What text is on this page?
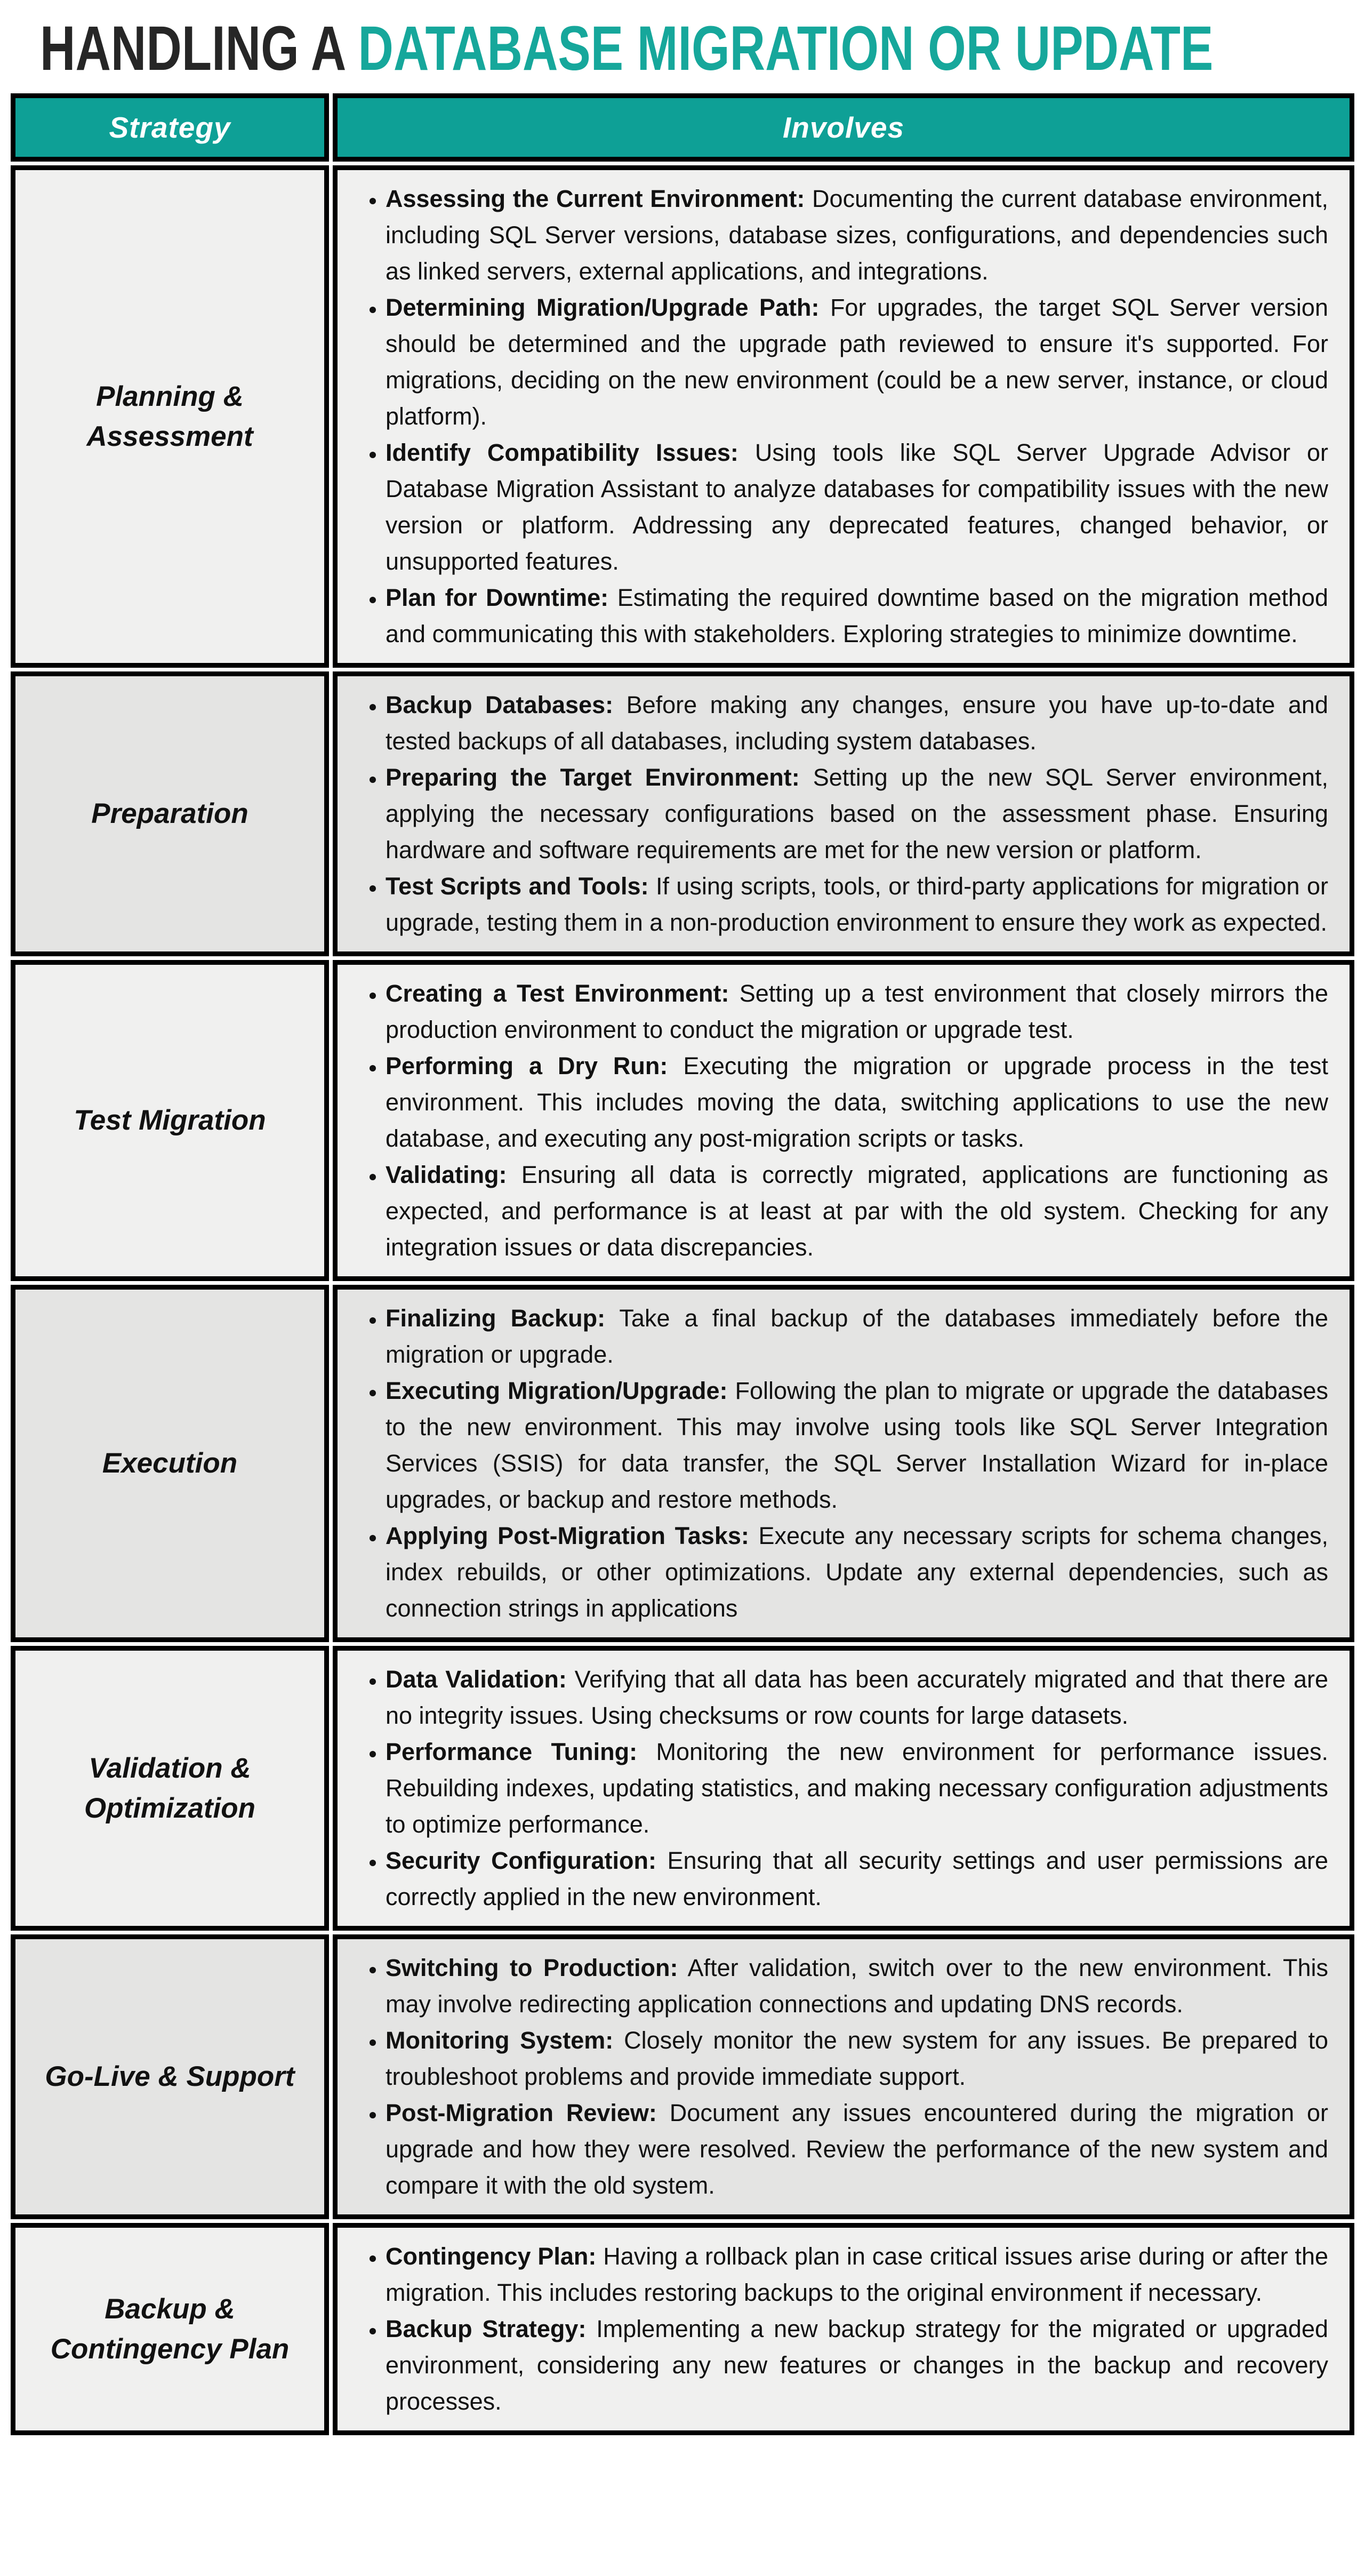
HANDLING A DATABASE MIGRATION OR UPDATE
Strategy	Involves
Planning & Assessment	
• Assessing the Current Environment: Documenting the current database environment, including SQL Server versions, database sizes, configurations, and dependencies such as linked servers, external applications, and integrations.
• Determining Migration/Upgrade Path: For upgrades, the target SQL Server version should be determined and the upgrade path reviewed to ensure it's supported. For migrations, deciding on the new environment (could be a new server, instance, or cloud platform).
• Identify Compatibility Issues: Using tools like SQL Server Upgrade Advisor or Database Migration Assistant to analyze databases for compatibility issues with the new version or platform. Addressing any deprecated features, changed behavior, or unsupported features.
• Plan for Downtime: Estimating the required downtime based on the migration method and communicating this with stakeholders. Exploring strategies to minimize downtime.

Preparation	
• Backup Databases: Before making any changes, ensure you have up-to-date and tested backups of all databases, including system databases.
• Preparing the Target Environment: Setting up the new SQL Server environment, applying the necessary configurations based on the assessment phase. Ensuring hardware and software requirements are met for the new version or platform.
• Test Scripts and Tools: If using scripts, tools, or third-party applications for migration or upgrade, testing them in a non-production environment to ensure they work as expected.

Test Migration	
• Creating a Test Environment: Setting up a test environment that closely mirrors the production environment to conduct the migration or upgrade test.
• Performing a Dry Run: Executing the migration or upgrade process in the test environment. This includes moving the data, switching applications to use the new database, and executing any post-migration scripts or tasks.
• Validating: Ensuring all data is correctly migrated, applications are functioning as expected, and performance is at least at par with the old system. Checking for any integration issues or data discrepancies.

Execution	
• Finalizing Backup: Take a final backup of the databases immediately before the migration or upgrade.
• Executing Migration/Upgrade: Following the plan to migrate or upgrade the databases to the new environment. This may involve using tools like SQL Server Integration Services (SSIS) for data transfer, the SQL Server Installation Wizard for in-place upgrades, or backup and restore methods.
• Applying Post-Migration Tasks: Execute any necessary scripts for schema changes, index rebuilds, or other optimizations. Update any external dependencies, such as connection strings in applications

Validation & Optimization	
• Data Validation: Verifying that all data has been accurately migrated and that there are no integrity issues. Using checksums or row counts for large datasets.
• Performance Tuning: Monitoring the new environment for performance issues. Rebuilding indexes, updating statistics, and making necessary configuration adjustments to optimize performance.
• Security Configuration: Ensuring that all security settings and user permissions are correctly applied in the new environment.

Go-Live & Support	
• Switching to Production: After validation, switch over to the new environment. This may involve redirecting application connections and updating DNS records.
• Monitoring System: Closely monitor the new system for any issues. Be prepared to troubleshoot problems and provide immediate support.
• Post-Migration Review: Document any issues encountered during the migration or upgrade and how they were resolved. Review the performance of the new system and compare it with the old system.

Backup & Contingency Plan	
• Contingency Plan: Having a rollback plan in case critical issues arise during or after the migration. This includes restoring backups to the original environment if necessary.
• Backup Strategy: Implementing a new backup strategy for the migrated or upgraded environment, considering any new features or changes in the backup and recovery processes.
